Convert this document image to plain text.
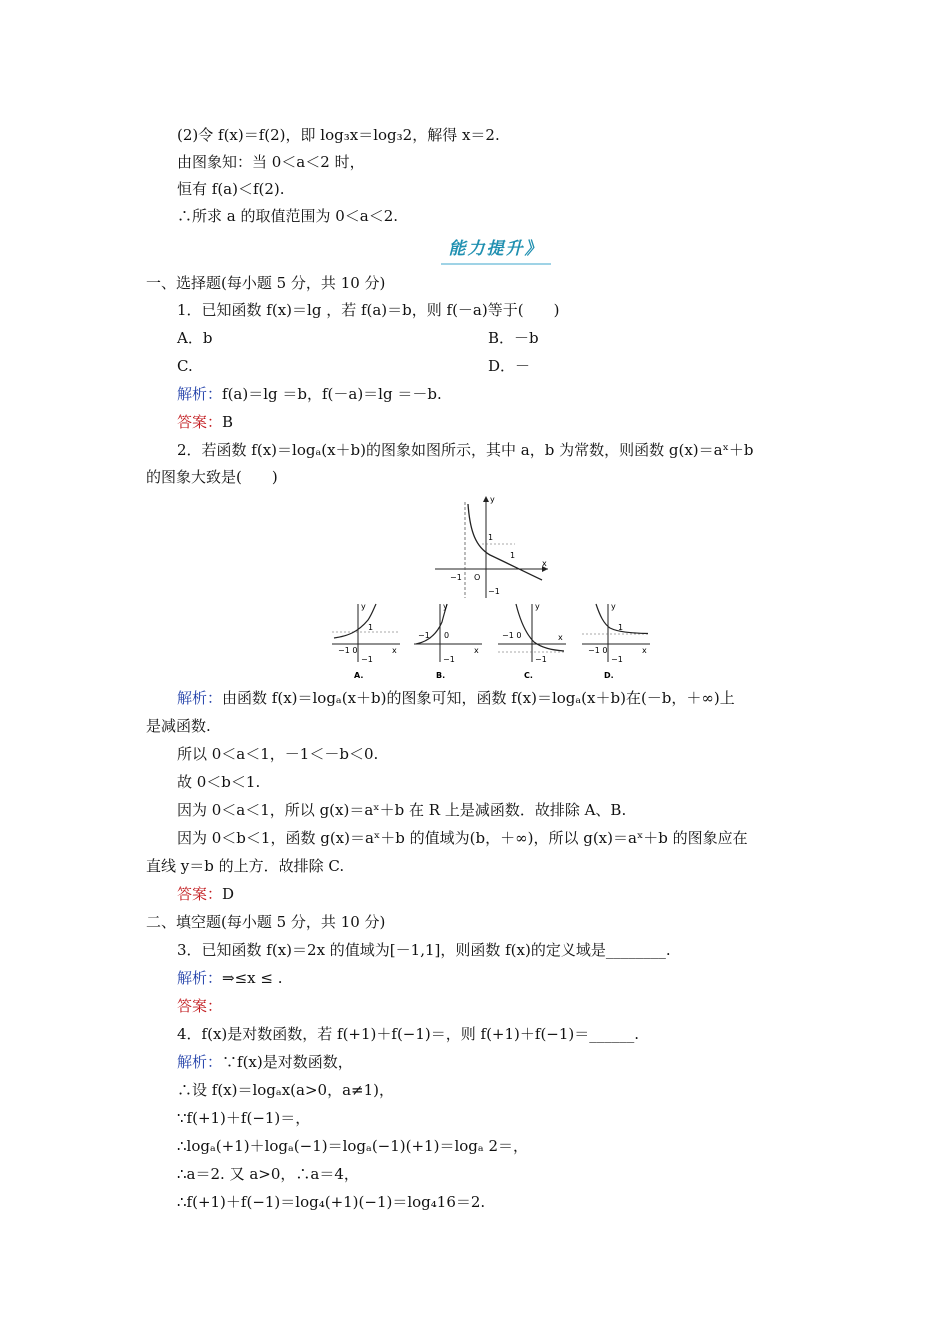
(2)令 f(x)＝f(2)，即 log₃x＝log₃2，解得 x＝2.
由图象知：当 0＜a＜2 时，
恒有 f(a)＜f(2).
∴所求 a 的取值范围为 0＜a＜2.
一、选择题(每小题 5 分，共 10 分)
1．已知函数 f(x)＝lg ，若 f(a)＝b，则 f(－a)等于(　　)
A．b	B．－b
C.	D．－
解析：f(a)＝lg ＝b，f(－a)＝lg ＝－b.
答案：B
2．若函数 f(x)＝logₐ(x＋b)的图象如图所示，其中 a，b 为常数，则函数 g(x)＝aˣ＋b
的图象大致是(　　)
解析：由函数 f(x)＝logₐ(x＋b)的图象可知，函数 f(x)＝logₐ(x＋b)在(－b，＋∞)上
是减函数.
所以 0＜a＜1，－1＜－b＜0.
故 0＜b＜1.
因为 0＜a＜1，所以 g(x)＝aˣ＋b 在 R 上是减函数．故排除 A、B.
因为 0＜b＜1，函数 g(x)＝aˣ＋b 的值域为(b，＋∞)，所以 g(x)＝aˣ＋b 的图象应在
直线 y＝b 的上方．故排除 C.
答案：D
二、填空题(每小题 5 分，共 10 分)
3．已知函数 f(x)＝2x 的值域为[－1,1]，则函数 f(x)的定义域是________.
解析：⇒≤x ≤ .
答案：
4．f(x)是对数函数，若 f(+1)＋f(−1)＝，则 f(+1)＋f(−1)＝______.
解析：∵f(x)是对数函数，
∴设 f(x)＝logₐx(a>0，a≠1)，
∵f(+1)＋f(−1)＝，
∴logₐ(+1)＋logₐ(−1)＝logₐ(−1)(+1)＝logₐ 2＝，
∴a＝2. 又 a>0，∴a＝4，
∴f(+1)＋f(−1)＝log₄(+1)(−1)＝log₄16＝2.
能力提升》
y
x
1
1
−1 O
−1
y
x
1
−1 0
−1
A.
y
x
−1 0
−1
B.
y
x
−1 0
−1
C.
y
x
1
−1 0
−1
D.
